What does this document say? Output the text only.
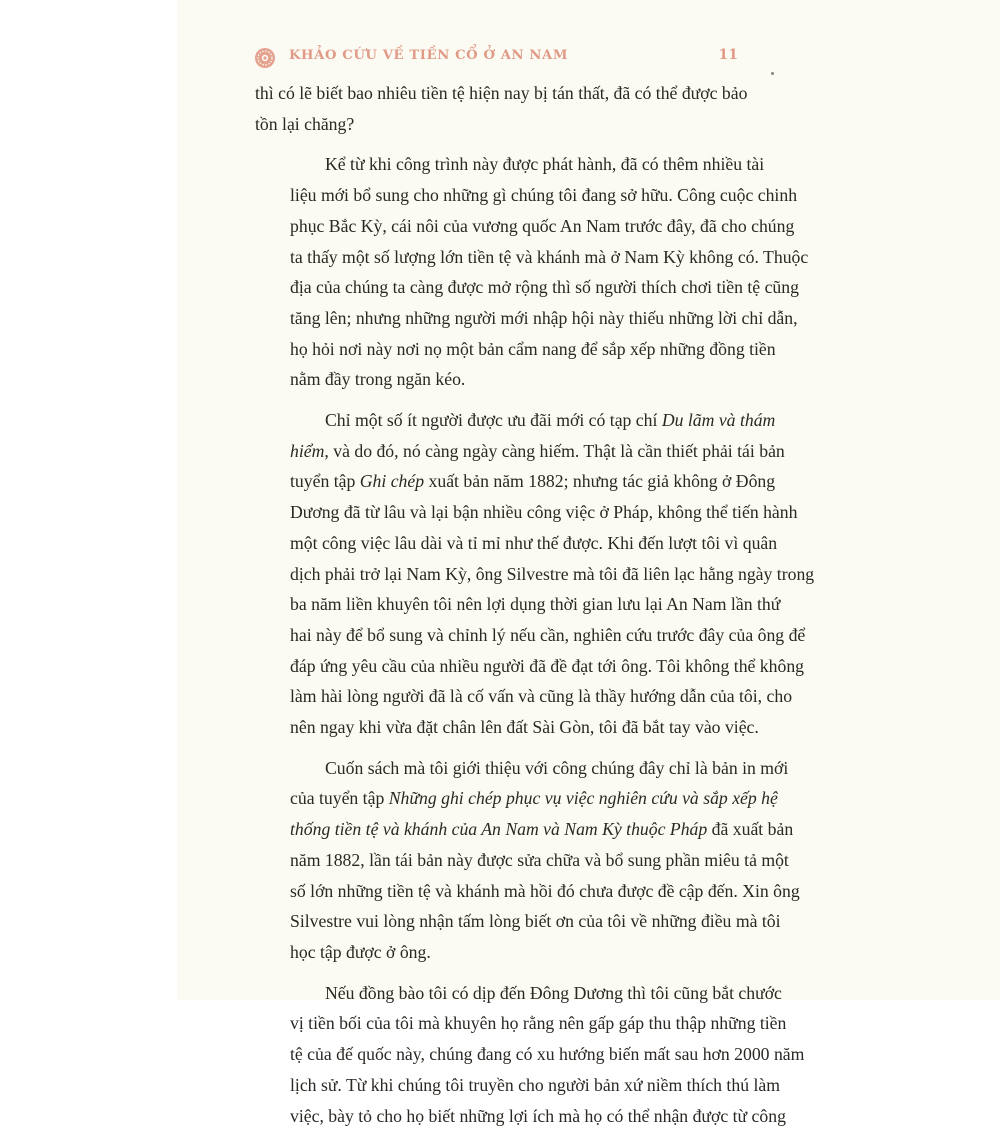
KHẢO CỨU VỀ TIỀN CỔ Ở AN NAM	11

thì có lẽ biết bao nhiêu tiền tệ hiện nay bị tán thất, đã có thể được bảo
tồn lại chăng?

Kể từ khi công trình này được phát hành, đã có thêm nhiều tài
liệu mới bổ sung cho những gì chúng tôi đang sở hữu. Công cuộc chinh
phục Bắc Kỳ, cái nôi của vương quốc An Nam trước đây, đã cho chúng
ta thấy một số lượng lớn tiền tệ và khánh mà ở Nam Kỳ không có. Thuộc
địa của chúng ta càng được mở rộng thì số người thích chơi tiền tệ cũng
tăng lên; nhưng những người mới nhập hội này thiếu những lời chỉ dẫn,
họ hỏi nơi này nơi nọ một bản cẩm nang để sắp xếp những đồng tiền
nằm đầy trong ngăn kéo.

Chỉ một số ít người được ưu đãi mới có tạp chí Du lãm và thám
hiểm, và do đó, nó càng ngày càng hiếm. Thật là cần thiết phải tái bản
tuyển tập Ghi chép xuất bản năm 1882; nhưng tác giả không ở Đông
Dương đã từ lâu và lại bận nhiều công việc ở Pháp, không thể tiến hành
một công việc lâu dài và tỉ mỉ như thế được. Khi đến lượt tôi vì quân
dịch phải trở lại Nam Kỳ, ông Silvestre mà tôi đã liên lạc hằng ngày trong
ba năm liền khuyên tôi nên lợi dụng thời gian lưu lại An Nam lần thứ
hai này để bổ sung và chỉnh lý nếu cần, nghiên cứu trước đây của ông để
đáp ứng yêu cầu của nhiều người đã đề đạt tới ông. Tôi không thể không
làm hài lòng người đã là cố vấn và cũng là thầy hướng dẫn của tôi, cho
nên ngay khi vừa đặt chân lên đất Sài Gòn, tôi đã bắt tay vào việc.

Cuốn sách mà tôi giới thiệu với công chúng đây chỉ là bản in mới
của tuyển tập Những ghi chép phục vụ việc nghiên cứu và sắp xếp hệ
thống tiền tệ và khánh của An Nam và Nam Kỳ thuộc Pháp đã xuất bản
năm 1882, lần tái bản này được sửa chữa và bổ sung phần miêu tả một
số lớn những tiền tệ và khánh mà hồi đó chưa được đề cập đến. Xin ông
Silvestre vui lòng nhận tấm lòng biết ơn của tôi về những điều mà tôi
học tập được ở ông.

Nếu đồng bào tôi có dịp đến Đông Dương thì tôi cũng bắt chước
vị tiền bối của tôi mà khuyên họ rằng nên gấp gáp thu thập những tiền
tệ của đế quốc này, chúng đang có xu hướng biến mất sau hơn 2000 năm
lịch sử. Từ khi chúng tôi truyền cho người bản xứ niềm thích thú làm
việc, bày tỏ cho họ biết những lợi ích mà họ có thể nhận được từ công
